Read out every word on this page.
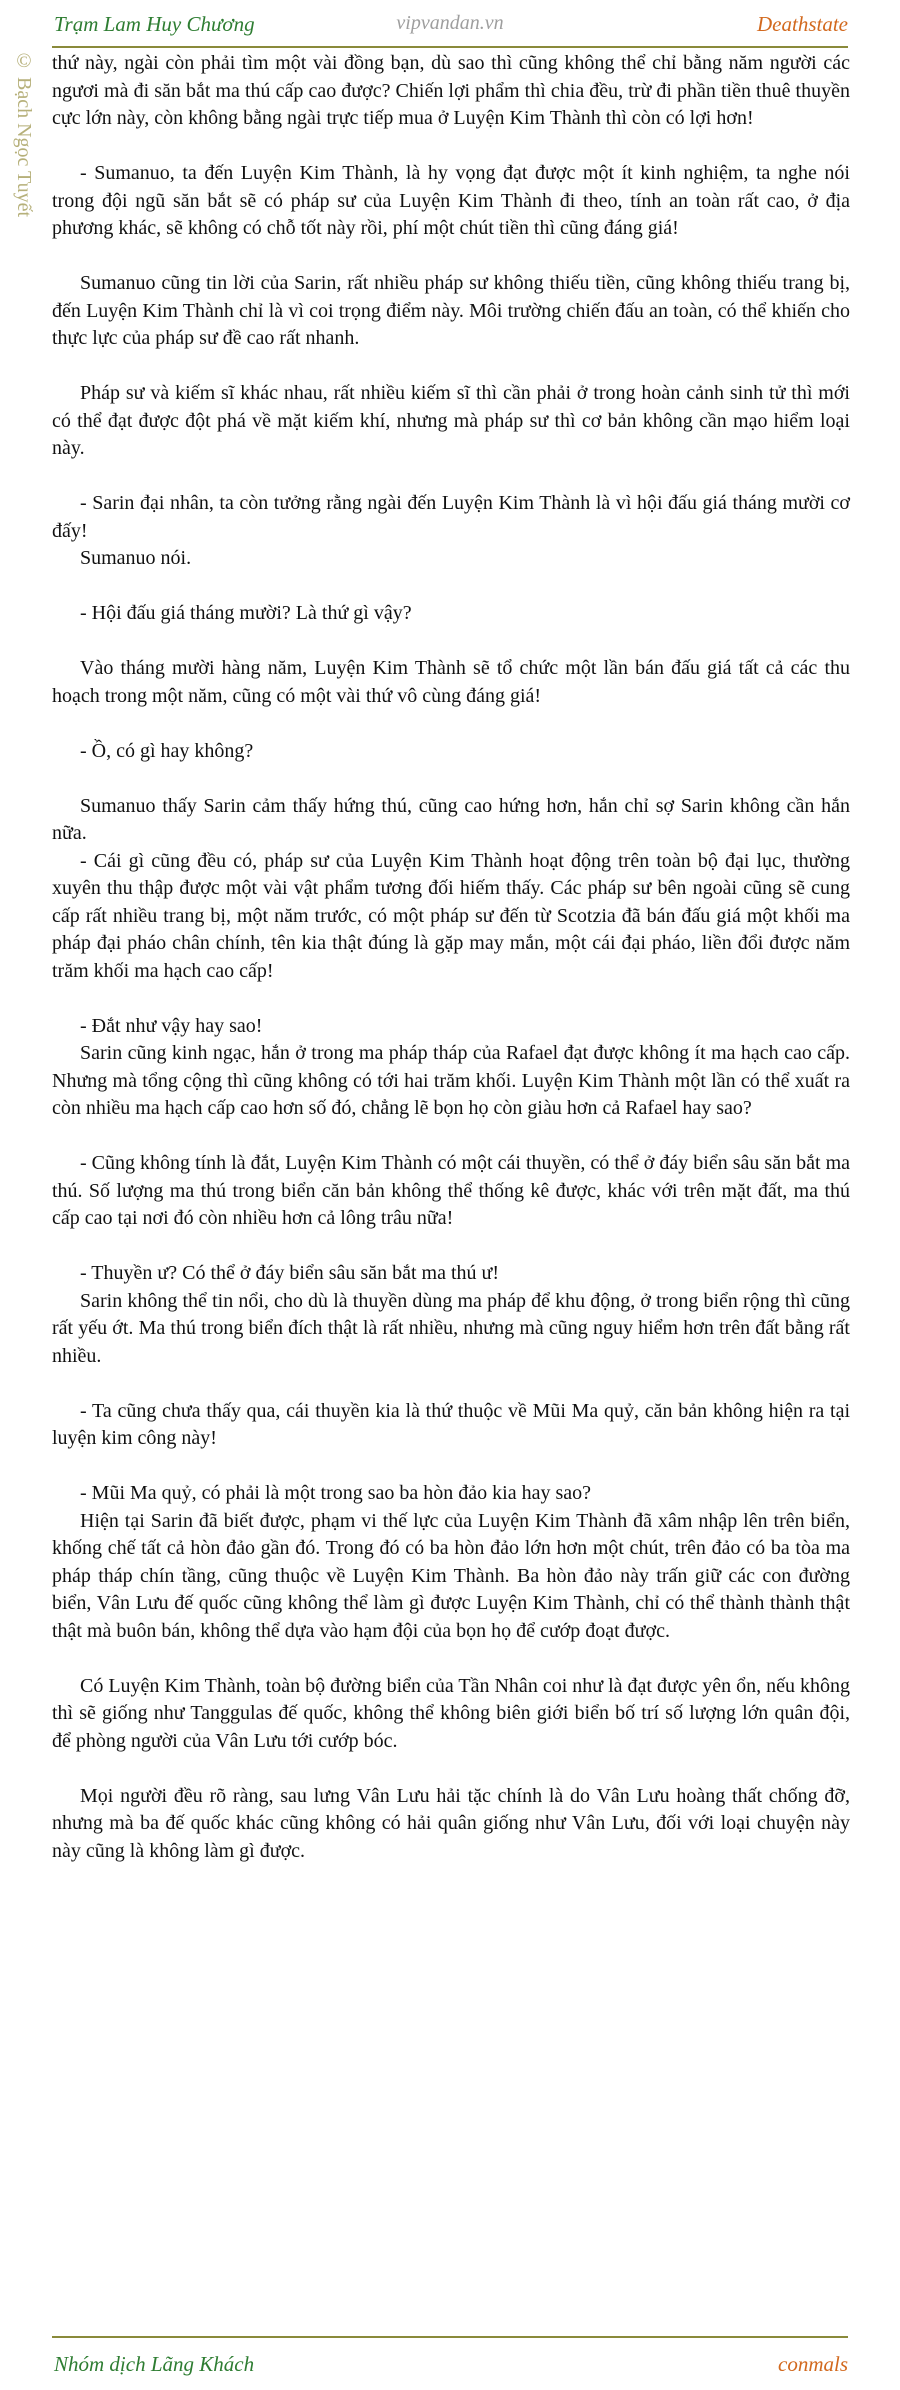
Trạm Lam Huy Chương	vipvandan.vn	Deathstate
© Bạch Ngọc Tuyết thứ này, ngài còn phải tìm một vài đồng bạn, dù sao thì cũng không thể chỉ bằng năm người các ngươi mà đi săn bắt ma thú cấp cao được? Chiến lợi phẩm thì chia đều, trừ đi phần tiền thuê thuyền cực lớn này, còn không bằng ngài trực tiếp mua ở Luyện Kim Thành thì còn có lợi hơn!

- Sumanuo, ta đến Luyện Kim Thành, là hy vọng đạt được một ít kinh nghiệm, ta nghe nói trong đội ngũ săn bắt sẽ có pháp sư của Luyện Kim Thành đi theo, tính an toàn rất cao, ở địa phương khác, sẽ không có chỗ tốt này rồi, phí một chút tiền thì cũng đáng giá!

Sumanuo cũng tin lời của Sarin, rất nhiều pháp sư không thiếu tiền, cũng không thiếu trang bị, đến Luyện Kim Thành chỉ là vì coi trọng điểm này. Môi trường chiến đấu an toàn, có thể khiến cho thực lực của pháp sư đề cao rất nhanh.

Pháp sư và kiếm sĩ khác nhau, rất nhiều kiếm sĩ thì cần phải ở trong hoàn cảnh sinh tử thì mới có thể đạt được đột phá về mặt kiếm khí, nhưng mà pháp sư thì cơ bản không cần mạo hiểm loại này.

- Sarin đại nhân, ta còn tưởng rằng ngài đến Luyện Kim Thành là vì hội đấu giá tháng mười cơ đấy!

Sumanuo nói.

- Hội đấu giá tháng mười? Là thứ gì vậy?

Vào tháng mười hàng năm, Luyện Kim Thành sẽ tổ chức một lần bán đấu giá tất cả các thu hoạch trong một năm, cũng có một vài thứ vô cùng đáng giá!

- Ồ, có gì hay không?

Sumanuo thấy Sarin cảm thấy hứng thú, cũng cao hứng hơn, hắn chỉ sợ Sarin không cần hắn nữa.

- Cái gì cũng đều có, pháp sư của Luyện Kim Thành hoạt động trên toàn bộ đại lục, thường xuyên thu thập được một vài vật phẩm tương đối hiếm thấy. Các pháp sư bên ngoài cũng sẽ cung cấp rất nhiều trang bị, một năm trước, có một pháp sư đến từ Scotzia đã bán đấu giá một khối ma pháp đại pháo chân chính, tên kia thật đúng là gặp may mắn, một cái đại pháo, liền đổi được năm trăm khối ma hạch cao cấp!

- Đắt như vậy hay sao!

Sarin cũng kinh ngạc, hắn ở trong ma pháp tháp của Rafael đạt được không ít ma hạch cao cấp. Nhưng mà tổng cộng thì cũng không có tới hai trăm khối. Luyện Kim Thành một lần có thể xuất ra còn nhiều ma hạch cấp cao hơn số đó, chẳng lẽ bọn họ còn giàu hơn cả Rafael hay sao?

- Cũng không tính là đắt, Luyện Kim Thành có một cái thuyền, có thể ở đáy biển sâu săn bắt ma thú. Số lượng ma thú trong biển căn bản không thể thống kê được, khác với trên mặt đất, ma thú cấp cao tại nơi đó còn nhiều hơn cả lông trâu nữa!

- Thuyền ư? Có thể ở đáy biển sâu săn bắt ma thú ư!

Sarin không thể tin nổi, cho dù là thuyền dùng ma pháp để khu động, ở trong biển rộng thì cũng rất yếu ớt. Ma thú trong biển đích thật là rất nhiều, nhưng mà cũng nguy hiểm hơn trên đất bằng rất nhiều.

- Ta cũng chưa thấy qua, cái thuyền kia là thứ thuộc về Mũi Ma quỷ, căn bản không hiện ra tại luyện kim công này!

- Mũi Ma quỷ, có phải là một trong sao ba hòn đảo kia hay sao?

Hiện tại Sarin đã biết được, phạm vi thế lực của Luyện Kim Thành đã xâm nhập lên trên biển, khống chế tất cả hòn đảo gần đó. Trong đó có ba hòn đảo lớn hơn một chút, trên đảo có ba tòa ma pháp tháp chín tầng, cũng thuộc về Luyện Kim Thành. Ba hòn đảo này trấn giữ các con đường biển, Vân Lưu đế quốc cũng không thể làm gì được Luyện Kim Thành, chỉ có thể thành thành thật thật mà buôn bán, không thể dựa vào hạm đội của bọn họ để cướp đoạt được.

Có Luyện Kim Thành, toàn bộ đường biển của Tần Nhân coi như là đạt được yên ổn, nếu không thì sẽ giống như Tanggulas đế quốc, không thể không biên giới biển bố trí số lượng lớn quân đội, để phòng người của Vân Lưu tới cướp bóc.

Mọi người đều rõ ràng, sau lưng Vân Lưu hải tặc chính là do Vân Lưu hoàng thất chống đỡ, nhưng mà ba đế quốc khác cũng không có hải quân giống như Vân Lưu, đối với loại chuyện này này cũng là không làm gì được.

Nhóm dịch Lãng Khách	conmals
